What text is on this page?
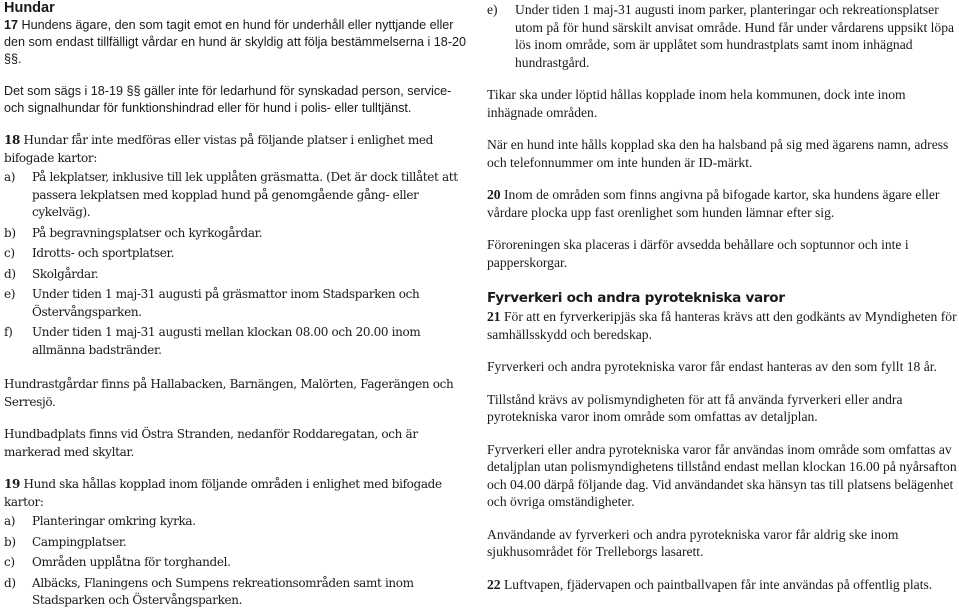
Hundar

17 Hundens ägare, den som tagit emot en hund för underhåll eller nyttjande eller den som endast tillfälligt vårdar en hund är skyldig att följa bestämmelserna i 18-20 §§.

Det som sägs i 18-19 §§ gäller inte för ledarhund för synskadad person, service- och signalhundar för funktionshindrad eller för hund i polis- eller tulltjänst.

18 Hundar får inte medföras eller vistas på följande platser i enlighet med bifogade kartor:

a)	På lekplatser, inklusive till lek upplåten gräsmatta. (Det är dock tillåtet att passera lekplatsen med kopplad hund på genomgående gång- eller cykelväg).
b)	På begravningsplatser och kyrkogårdar.
c)	Idrotts- och sportplatser.
d)	Skolgårdar.
e)	Under tiden 1 maj-31 augusti på gräsmattor inom Stadsparken och Östervångsparken.
f)	Under tiden 1 maj-31 augusti mellan klockan 08.00 och 20.00 inom allmänna badstränder.

Hundrastgårdar finns på Hallabacken, Barnängen, Malörten, Fagerängen och Serresjö.

Hundbadplats finns vid Östra Stranden, nedanför Roddaregatan, och är markerad med skyltar.

19 Hund ska hållas kopplad inom följande områden i enlighet med bifogade kartor:

a)	Planteringar omkring kyrka.
b)	Campingplatser.
c)	Områden upplåtna för torghandel.
d)	Albäcks, Flaningens och Sumpens rekreationsområden samt inom Stadsparken och Östervångsparken.
e)	Under tiden 1 maj-31 augusti inom parker, planteringar och rekreationsplatser utom på för hund särskilt anvisat område. Hund får under vårdarens uppsikt löpa lös inom område, som är upplåtet som hundrastplats samt inom inhägnad hundrastgård.

Tikar ska under löptid hållas kopplade inom hela kommunen, dock inte inom inhägnade områden.

När en hund inte hålls kopplad ska den ha halsband på sig med ägarens namn, adress och telefonnummer om inte hunden är ID-märkt.

20 Inom de områden som finns angivna på bifogade kartor, ska hundens ägare eller vårdare plocka upp fast orenlighet som hunden lämnar efter sig.

Föroreningen ska placeras i därför avsedda behållare och soptunnor och inte i papperskorgar.

Fyrverkeri och andra pyrotekniska varor

21 För att en fyrverkeripjäs ska få hanteras krävs att den godkänts av Myndigheten för samhällsskydd och beredskap.

Fyrverkeri och andra pyrotekniska varor får endast hanteras av den som fyllt 18 år.

Tillstånd krävs av polismyndigheten för att få använda fyrverkeri eller andra pyrotekniska varor inom område som omfattas av detaljplan.

Fyrverkeri eller andra pyrotekniska varor får användas inom område som omfattas av detaljplan utan polismyndighetens tillstånd endast mellan klockan 16.00 på nyårsafton och 04.00 därpå följande dag. Vid användandet ska hänsyn tas till platsens belägenhet och övriga omständigheter.

Användande av fyrverkeri och andra pyrotekniska varor får aldrig ske inom sjukhusområdet för Trelleborgs lasarett.

22 Luftvapen, fjädervapen och paintballvapen får inte användas på offentlig plats.
